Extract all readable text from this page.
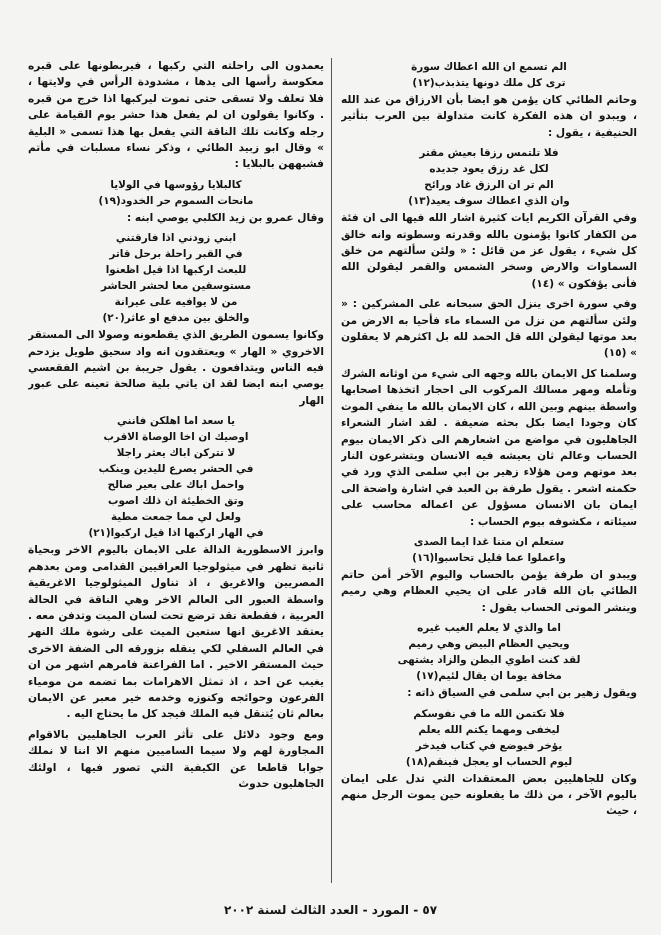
الم تسمع ان الله اعطاك سورة
ترى كل ملك دونها يتذبذب(١٢)

وحاتم الطائي كان يؤمن هو ايضا بأن الارزاق من عند الله ، ويبدو ان هذه الفكرة كانت متداولة بين العرب بتأثير الحنيفية ، يقول :

فلا تلتمس رزقا بعيش مقتر
لكل غد رزق يعود جديده
الم تر ان الرزق غاد ورائح
وان الذي اعطاك سوف يعيد(١٣)

وفي القرآن الكريم ايات كثيرة اشار الله فيها الى ان فئة من الكفار كانوا يؤمنون بالله وقدرته وسطوته وانه خالق كل شيء ، يقول عز من قائل : « ولئن سألتهم من خلق السماوات والارض وسخر الشمس والقمر ليقولن الله فأنى يؤفكون » (١٤)

وفي سورة اخرى ينزل الحق سبحانه على المشركين : « ولئن سألتهم من نزل من السماء ماء فأحيا به الارض من بعد موتها ليقولن الله قل الحمد لله بل اكثرهم لا يعقلون » (١٥)

وسلمنا كل الايمان بالله وجهه الى شيء من اوثانه الشرك وتأمله ومهر مسالك المركوب الى احجار اتخذها اصحابها واسطة بينهم وبين الله ، كان الايمان بالله ما ينفي الموت كان وجودا ايضا بكل بحثه ضعيفة . لقد اشار الشعراء الجاهليون في مواضع من اشعارهم الى ذكر الايمان بيوم الحساب وعالم ثان يعيشه فيه الانسان ويتشرعون النار بعد موتهم ومن هؤلاء زهير بن ابي سلمى الذي ورد في حكمته اشعر . يقول طرفة بن العبد في اشارة واضحة الى ايمان بان الانسان مسؤول عن اعماله محاسب على سيئاته ، مكشوفه بيوم الحساب :

ستعلم ان متنا غدا ايما الصدى
واعملوا عما قليل تحاسبوا(١٦)

ويبدو ان طرفة يؤمن بالحساب واليوم الآخر أمن حاتم الطائي بان الله قادر على ان يحيي العظام وهي رميم وينشر الموتى الحساب يقول :

اما والذي لا يعلم الغيب غيره
ويحيي العظام البيض وهي رميم
لقد كنت اطوي البطن والزاد يشتهى
مخافة يوما ان يقال لئيم(١٧)

ويقول زهير بن ابي سلمى في السياق ذاته :

فلا تكتمن الله ما في نفوسكم
ليخفى ومهما يكتم الله يعلم
يؤخر فيوضع في كتاب فيدخر
ليوم الحساب او يعجل فينقم(١٨)

وكان للجاهليين بعض المعتقدات التي تدل على ايمان باليوم الآخر ، من ذلك ما يفعلونه حين يموت الرجل منهم ، حيث

يعمدون الى راحلته التي ركبها ، فيربطونها على قبره معكوسة رأسها الى يدها ، مشدودة الرأس في ولايتها ، فلا تعلف ولا تسقى حتى تموت ليركبها اذا خرج من قبره . وكانوا يقولون ان لم يفعل هذا حشر يوم القيامة على رجله وكانت تلك الناقة التي يفعل بها هذا تسمى « البلية » وقال ابو زبيد الطائي ، وذكر نساء مسلبات في مأتم فشبههن بالبلايا :

كالبلايا رؤوسها في الولايا
مانحات السموم حر الخدود(١٩)

وقال عمرو بن زيد الكلبي يوصي ابنه :

ابني زودني اذا فارقتني
في القبر راحلة برحل قاتر
للبعث اركبها اذا قيل اظعنوا
مستوسقين معا لحشر الحاشر
من لا يوافيه على عيرانة
والخلق بين مدفع او عاثر(٢٠)

وكانوا يسمون الطريق الذي يقطعونه وصولا الى المستقر الاخروي « الهار » ويعتقدون انه واد سحيق طويل يزدحم فيه الناس ويتدافعون . يقول جريبة بن اشيم الفقعسي يوصي ابنه ايضا لقد ان ياتي بلية صالحة تعينه على عبور الهار

يا سعد اما اهلكن فانني
اوصيك ان اخا الوصاة الاقرب
لا تتركن اباك يعثر راجلا
في الحشر يصرع لليدين وينكب
واحمل اباك على بعير صالح
وتق الخطيئة ان ذلك اصوب
ولعل لي مما جمعت مطية
في الهار اركبها اذا قيل اركبوا(٢١)

وابرز الاسطورية الدالة على الايمان باليوم الاخر وبحياة ثانية تظهر في ميثولوجيا العراقيين القدامى ومن بعدهم المصريين والاغريق ، اذ تناول الميثولوجيا الاغريقية واسطة العبور الى العالم الاخر وهي الناقة في الحالة العربية ، فقطعة نقد ترضع تحت لسان الميت وتدفن معه . يعتقد الاغريق انها ستعين الميت على رشوة ملك النهر في العالم السفلي لكي ينقله بزورقه الى الضفة الاخرى حيث المستقر الاخير . اما الفراعنة فامرهم اشهر من ان يغيب عن احد ، اذ تمثل الاهرامات بما تضمه من مومياء الفرعون وحوائجه وكنوزه وخدمه خير معبر عن الايمان بعالم ثان يُتنقل فيه الملك فيجد كل ما يحتاج اليه .

ومع وجود دلائل على تأثر العرب الجاهليين بالاقوام المجاورة لهم ولا سيما الساميين منهم الا اننا لا نملك جوابا قاطعا عن الكيفية التي تصور فيها ، اولئك الجاهليون حدوث

٥٧ - المورد - العدد الثالث لسنة ٢٠٠٢
